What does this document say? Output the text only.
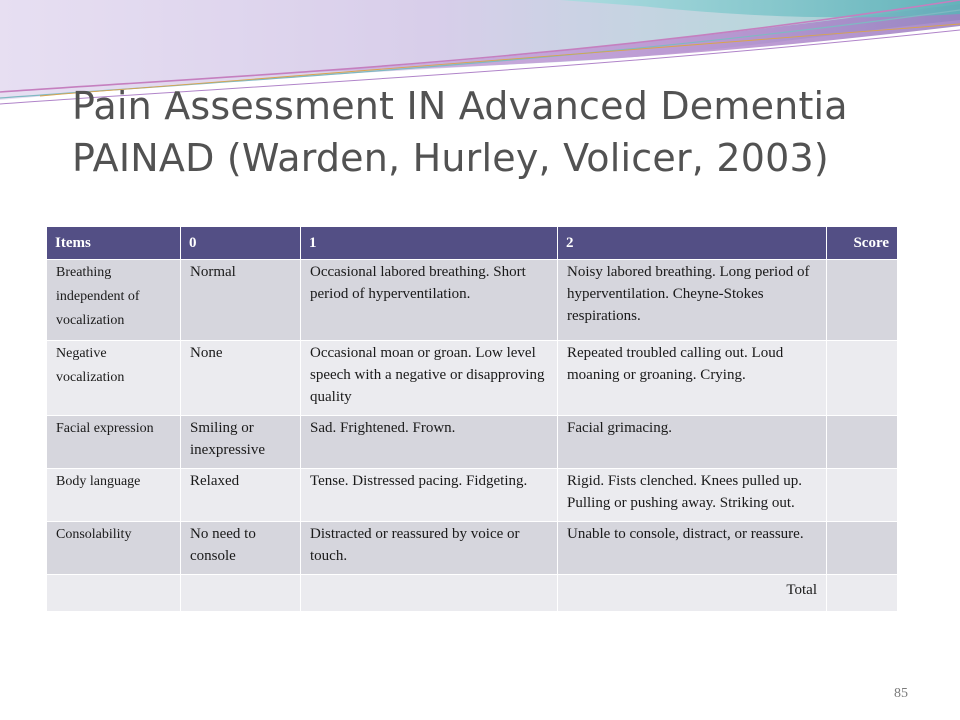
Pain Assessment IN Advanced Dementia
PAINAD (Warden, Hurley, Volicer, 2003)
Items	0	1	2	Score
Breathing independent of vocalization	Normal	Occasional labored breathing. Short period of hyperventilation.	Noisy labored breathing. Long period of hyperventilation. Cheyne-Stokes respirations.	
Negative vocalization	None	Occasional moan or groan. Low level speech with a negative or disapproving quality	Repeated troubled calling out. Loud moaning or groaning. Crying.	
Facial expression	Smiling or inexpressive	Sad. Frightened. Frown.	Facial grimacing.	
Body language	Relaxed	Tense. Distressed pacing. Fidgeting.	Rigid. Fists clenched. Knees pulled up. Pulling or pushing away. Striking out.	
Consolability	No need to console	Distracted or reassured by voice or touch.	Unable to console, distract, or reassure.	
			Total	
85
